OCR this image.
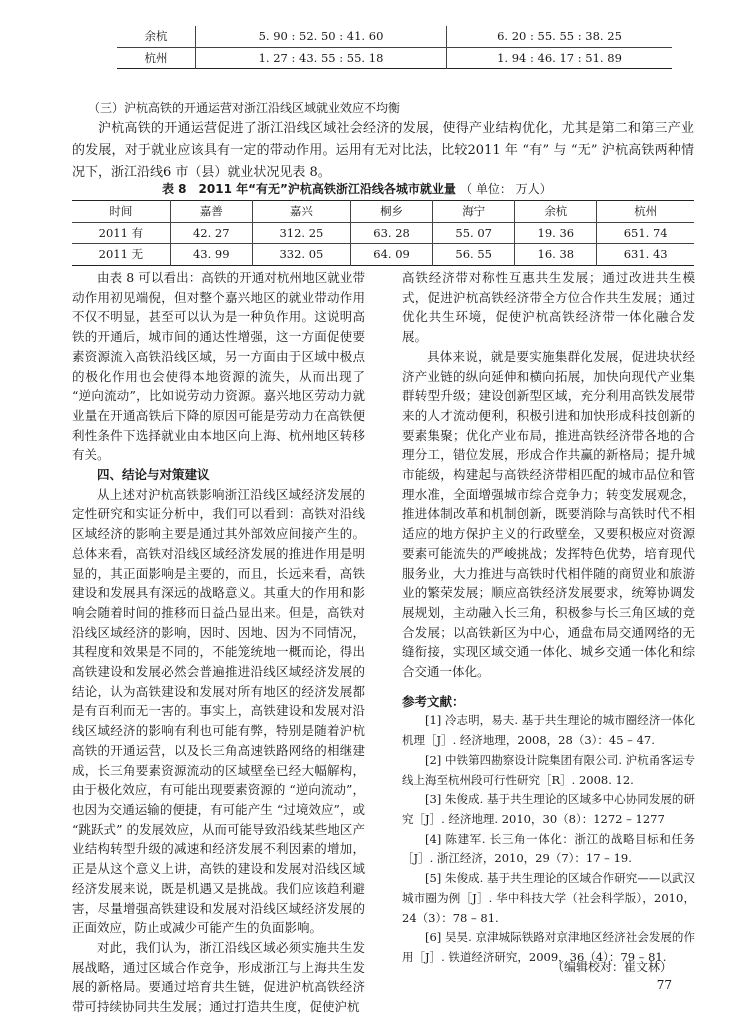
余杭	5. 90 : 52. 50 : 41. 60	6. 20 : 55. 55 : 38. 25
杭州	1. 27 : 43. 55 : 55. 18	1. 94 : 46. 17 : 51. 89
（三）沪杭高铁的开通运营对浙江沿线区域就业效应不均衡

沪杭高铁的开通运营促进了浙江沿线区域社会经济的发展，使得产业结构优化，尤其是第二和第三产业的发展，对于就业应该具有一定的带动作用。运用有无对比法，比较2011 年 “有” 与 “无” 沪杭高铁两种情况下，浙江沿线6 市（县）就业状况见表 8。

表 8　2011 年“有无”沪杭高铁浙江沿线各城市就业量 （ 单位： 万人）
时间	嘉善	嘉兴	桐乡	海宁	余杭	杭州
2011 有	42. 27	312. 25	63. 28	55. 07	19. 36	651. 74
2011 无	43. 99	332. 05	64. 09	56. 55	16. 38	631. 43

由表 8 可以看出：高铁的开通对杭州地区就业带动作用初见端倪，但对整个嘉兴地区的就业带动作用不仅不明显，甚至可以认为是一种负作用。这说明高铁的开通后，城市间的通达性增强，这一方面促使要素资源流入高铁沿线区域，另一方面由于区域中极点的极化作用也会使得本地资源的流失，从而出现了 “逆向流动”，比如说劳动力资源。嘉兴地区劳动力就业量在开通高铁后下降的原因可能是劳动力在高铁便利性条件下选择就业由本地区向上海、杭州地区转移有关。

四、结论与对策建议

从上述对沪杭高铁影响浙江沿线区域经济发展的定性研究和实证分析中，我们可以看到：高铁对沿线区域经济的影响主要是通过其外部效应间接产生的。总体来看，高铁对沿线区域经济发展的推进作用是明显的，其正面影响是主要的，而且，长远来看，高铁建设和发展具有深远的战略意义。其重大的作用和影响会随着时间的推移而日益凸显出来。但是，高铁对沿线区域经济的影响，因时、因地、因为不同情况，其程度和效果是不同的，不能笼统地一概而论，得出高铁建设和发展必然会普遍推进沿线区域经济发展的结论，认为高铁建设和发展对所有地区的经济发展都是有百利而无一害的。事实上，高铁建设和发展对沿线区域经济的影响有利也可能有弊，特别是随着沪杭高铁的开通运营，以及长三角高速铁路网络的相继建成，长三角要素资源流动的区域壁垒已经大幅解构，由于极化效应，有可能出现要素资源的 “逆向流动”，也因为交通运输的便捷，有可能产生 “过境效应”，或 “跳跃式” 的发展效应，从而可能导致沿线某些地区产业结构转型升级的减速和经济发展不利因素的增加，正是从这个意义上讲，高铁的建设和发展对沿线区域经济发展来说，既是机遇又是挑战。我们应该趋利避害，尽量增强高铁建设和发展对沿线区域经济发展的正面效应，防止或减少可能产生的负面影响。

对此，我们认为，浙江沿线区域必须实施共生发展战略，通过区域合作竞争，形成浙江与上海共生发展的新格局。要通过培育共生链，促进沪杭高铁经济带可持续协同共生发展；通过打造共生度，促使沪杭

高铁经济带对称性互惠共生发展；通过改进共生模式，促进沪杭高铁经济带全方位合作共生发展；通过优化共生环境，促使沪杭高铁经济带一体化融合发展。

具体来说，就是要实施集群化发展，促进块状经济产业链的纵向延伸和横向拓展，加快向现代产业集群转型升级；建设创新型区域，充分利用高铁发展带来的人才流动便利，积极引进和加快形成科技创新的要素集聚；优化产业布局，推进高铁经济带各地的合理分工，错位发展，形成合作共赢的新格局；提升城市能级，构建起与高铁经济带相匹配的城市品位和管理水准，全面增强城市综合竞争力；转变发展观念，推进体制改革和机制创新，既要消除与高铁时代不相适应的地方保护主义的行政壁垒，又要积极应对资源要素可能流失的严峻挑战；发挥特色优势，培育现代服务业，大力推进与高铁时代相伴随的商贸业和旅游业的繁荣发展；顺应高铁经济发展要求，统筹协调发展规划，主动融入长三角，积极参与长三角区域的竞合发展；以高铁新区为中心，通盘布局交通网络的无缝衔接，实现区域交通一体化、城乡交通一体化和综合交通一体化。

参考文献：

[1] 冷志明，易夫. 基于共生理论的城市圈经济一体化机理［J］. 经济地理，2008，28（3）：45 – 47.

[2] 中铁第四勘察设计院集团有限公司. 沪杭甬客运专线上海至杭州段可行性研究［R］. 2008. 12.

[3] 朱俊成. 基于共生理论的区域多中心协同发展的研究［J］. 经济地理. 2010，30（8）：1272 – 1277

[4] 陈建军. 长三角一体化：浙江的战略目标和任务［J］. 浙江经济，2010，29（7）：17 – 19.

[5] 朱俊成. 基于共生理论的区域合作研究——以武汉城市圈为例［J］. 华中科技大学（社会科学版），2010，24（3）：78 – 81.

[6] 吴昊. 京津城际铁路对京津地区经济社会发展的作用［J］. 铁道经济研究，2009，36（4）：79 – 81.

（编辑校对：崔文林）
77
